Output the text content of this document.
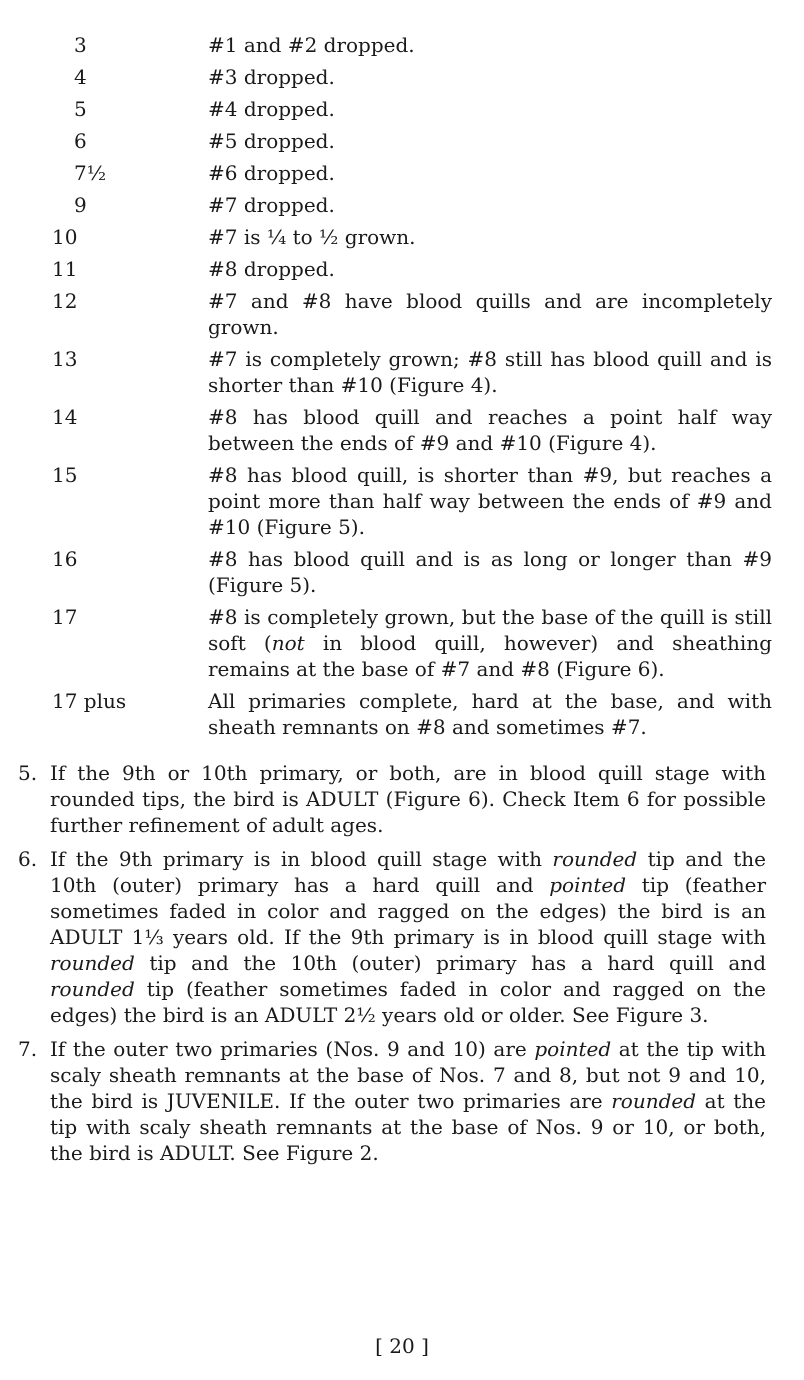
3	#1 and #2 dropped.
4	#3 dropped.
5	#4 dropped.
6	#5 dropped.
7½	#6 dropped.
9	#7 dropped.
10	#7 is ¼ to ½ grown.
11	#8 dropped.
12	#7 and #8 have blood quills and are incompletely grown.
13	#7 is completely grown; #8 still has blood quill and is shorter than #10 (Figure 4).
14	#8 has blood quill and reaches a point half way between the ends of #9 and #10 (Figure 4).
15	#8 has blood quill, is shorter than #9, but reaches a point more than half way between the ends of #9 and #10 (Figure 5).
16	#8 has blood quill and is as long or longer than #9 (Figure 5).
17	#8 is completely grown, but the base of the quill is still soft (not in blood quill, however) and sheathing remains at the base of #7 and #8 (Figure 6).
17 plus	All primaries complete, hard at the base, and with sheath remnants on #8 and sometimes #7.
5. If the 9th or 10th primary, or both, are in blood quill stage with rounded tips, the bird is ADULT (Figure 6). Check Item 6 for possible further refinement of adult ages.
6. If the 9th primary is in blood quill stage with rounded tip and the 10th (outer) primary has a hard quill and pointed tip (feather sometimes faded in color and ragged on the edges) the bird is an ADULT 1⅓ years old. If the 9th primary is in blood quill stage with rounded tip and the 10th (outer) primary has a hard quill and rounded tip (feather sometimes faded in color and ragged on the edges) the bird is an ADULT 2½ years old or older. See Figure 3.
7. If the outer two primaries (Nos. 9 and 10) are pointed at the tip with scaly sheath remnants at the base of Nos. 7 and 8, but not 9 and 10, the bird is JUVENILE. If the outer two primaries are rounded at the tip with scaly sheath remnants at the base of Nos. 9 or 10, or both, the bird is ADULT. See Figure 2.
[ 20 ]
